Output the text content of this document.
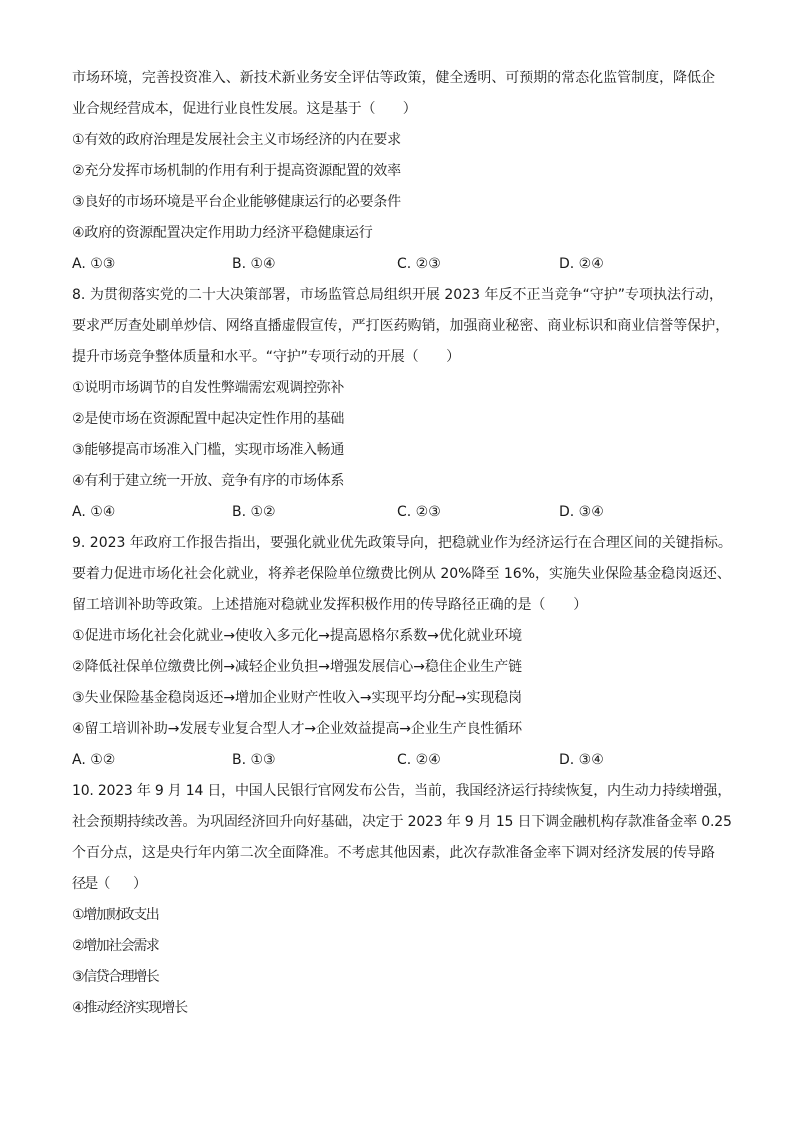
市场环境，完善投资准入、新技术新业务安全评估等政策，健全透明、可预期的常态化监管制度，降低企
业合规经营成本，促进行业良性发展。这是基于（　　）
①有效的政府治理是发展社会主义市场经济的内在要求
②充分发挥市场机制的作用有利于提高资源配置的效率
③良好的市场环境是平台企业能够健康运行的必要条件
④政府的资源配置决定作用助力经济平稳健康运行
A. ①③	B. ①④	C. ②③	D. ②④
8. 为贯彻落实党的二十大决策部署，市场监管总局组织开展 2023 年反不正当竞争“守护”专项执法行动，
要求严厉查处刷单炒信、网络直播虚假宣传，严打医药购销，加强商业秘密、商业标识和商业信誉等保护，
提升市场竞争整体质量和水平。“守护”专项行动的开展（　　）
①说明市场调节的自发性弊端需宏观调控弥补
②是使市场在资源配置中起决定性作用的基础
③能够提高市场准入门槛，实现市场准入畅通
④有利于建立统一开放、竞争有序的市场体系
A. ①④	B. ①②	C. ②③	D. ③④
9. 2023 年政府工作报告指出，要强化就业优先政策导向，把稳就业作为经济运行在合理区间的关键指标。
要着力促进市场化社会化就业，将养老保险单位缴费比例从 20%降至 16%，实施失业保险基金稳岗返还、
留工培训补助等政策。上述措施对稳就业发挥积极作用的传导路径正确的是（　　）
①促进市场化社会化就业→使收入多元化→提高恩格尔系数→优化就业环境
②降低社保单位缴费比例→减轻企业负担→增强发展信心→稳住企业生产链
③失业保险基金稳岗返还→增加企业财产性收入→实现平均分配→实现稳岗
④留工培训补助→发展专业复合型人才→企业效益提高→企业生产良性循环
A. ①②	B. ①③	C. ②④	D. ③④
10. 2023 年 9 月 14 日，中国人民银行官网发布公告，当前，我国经济运行持续恢复，内生动力持续增强，
社会预期持续改善。为巩固经济回升向好基础，决定于 2023 年 9 月 15 日下调金融机构存款准备金率 0.25
个百分点，这是央行年内第二次全面降准。不考虑其他因素，此次存款准备金率下调对经济发展的传导路
径是（　　）
①增加财政支出
②增加社会需求
③信贷合理增长
④推动经济实现增长
